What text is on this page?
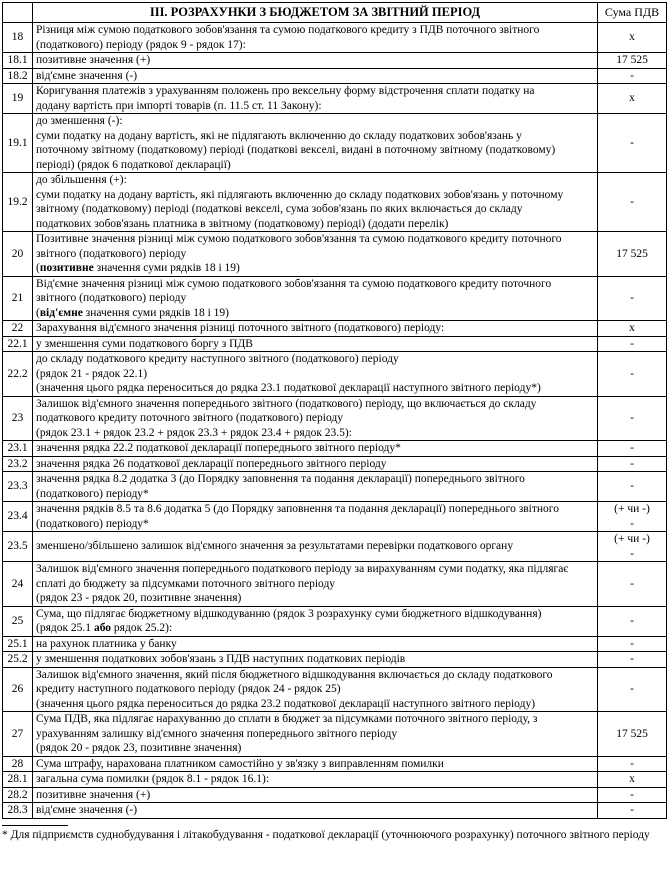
	III. РОЗРАХУНКИ З БЮДЖЕТОМ ЗА ЗВІТНИЙ ПЕРІОД	Сума ПДВ
18	Різниця між сумою податкового зобов'язання та сумою податкового кредиту з ПДВ поточного звітного
(податкового) періоду (рядок 9 - рядок 17):	х
18.1	позитивне значення (+)	17 525
18.2	від'ємне значення (-)	-
19	Коригування платежів з урахуванням положень про вексельну форму відстрочення сплати податку на
додану вартість при імпорті товарів (п. 11.5 ст. 11 Закону):	х
19.1	до зменшення (-):
суми податку на додану вартість, які не підлягають включенню до складу податкових зобов'язань у
поточному звітному (податковому) періоді (податкові векселі, видані в поточному звітному (податковому)
періоді) (рядок 6 податкової декларації)	-
19.2	до збільшення (+):
суми податку на додану вартість, які підлягають включенню до складу податкових зобов'язань у поточному
звітному (податковому) періоді (податкові векселі, сума зобов'язань по яких включається до складу
податкових зобов'язань платника в звітному (податковому) періоді) (додати перелік)	-
20	Позитивне значення різниці між сумою податкового зобов'язання та сумою податкового кредиту поточного
звітного (податкового) періоду
(позитивне значення суми рядків 18 і 19)	17 525
21	Від'ємне значення різниці між сумою податкового зобов'язання та сумою податкового кредиту поточного
звітного (податкового) періоду
(від'ємне значення суми рядків 18 і 19)	-
22	Зарахування від'ємного значення різниці поточного звітного (податкового) періоду:	х
22.1	у зменшення суми податкового боргу з ПДВ	-
22.2	до складу податкового кредиту наступного звітного (податкового) періоду
(рядок 21 - рядок 22.1)
(значення цього рядка переноситься до рядка 23.1 податкової декларації наступного звітного періоду*)	-
23	Залишок від'ємного значення попереднього звітного (податкового) періоду, що включається до складу
податкового кредиту поточного звітного (податкового) періоду
(рядок 23.1 + рядок 23.2 + рядок 23.3 + рядок 23.4 + рядок 23.5):	-
23.1	значення рядка 22.2 податкової декларації попереднього звітного періоду*	-
23.2	значення рядка 26 податкової декларації попереднього звітного періоду	-
23.3	значення рядка 8.2 додатка 3 (до Порядку заповнення та подання декларації) попереднього звітного
(податкового) періоду*	-
23.4	значення рядків 8.5 та 8.6 додатка 5 (до Порядку заповнення та подання декларації) попереднього звітного
(податкового) періоду*	(+ чи -)
-
23.5	зменшено/збільшено залишок від'ємного значення за результатами перевірки податкового органу	(+ чи -)
-
24	Залишок від'ємного значення попереднього податкового періоду за вирахуванням суми податку, яка підлягає
сплаті до бюджету за підсумками поточного звітного періоду
(рядок 23 - рядок 20, позитивне значення)	-
25	Сума, що підлягає бюджетному відшкодуванню (рядок 3 розрахунку суми бюджетного відшкодування)
(рядок 25.1 або рядок 25.2):	-
25.1	на рахунок платника у банку	-
25.2	у зменшення податкових зобов'язань з ПДВ наступних податкових періодів	-
26	Залишок від'ємного значення, який після бюджетного відшкодування включається до складу податкового
кредиту наступного податкового періоду (рядок 24 - рядок 25)
(значення цього рядка переноситься до рядка 23.2 податкової декларації наступного звітного періоду)	-
27	Сума ПДВ, яка підлягає нарахуванню до сплати в бюджет за підсумками поточного звітного періоду, з
урахуванням залишку від'ємного значення попереднього звітного періоду
(рядок 20 - рядок 23, позитивне значення)	17 525
28	Сума штрафу, нарахована платником самостійно у зв'язку з виправленням помилки	-
28.1	загальна сума помилки (рядок 8.1 - рядок 16.1):	х
28.2	позитивне значення (+)	-
28.3	від'ємне значення (-)	-
* Для підприємств суднобудування і літакобудування - податкової декларації (уточнюючого розрахунку) поточного звітного періоду
